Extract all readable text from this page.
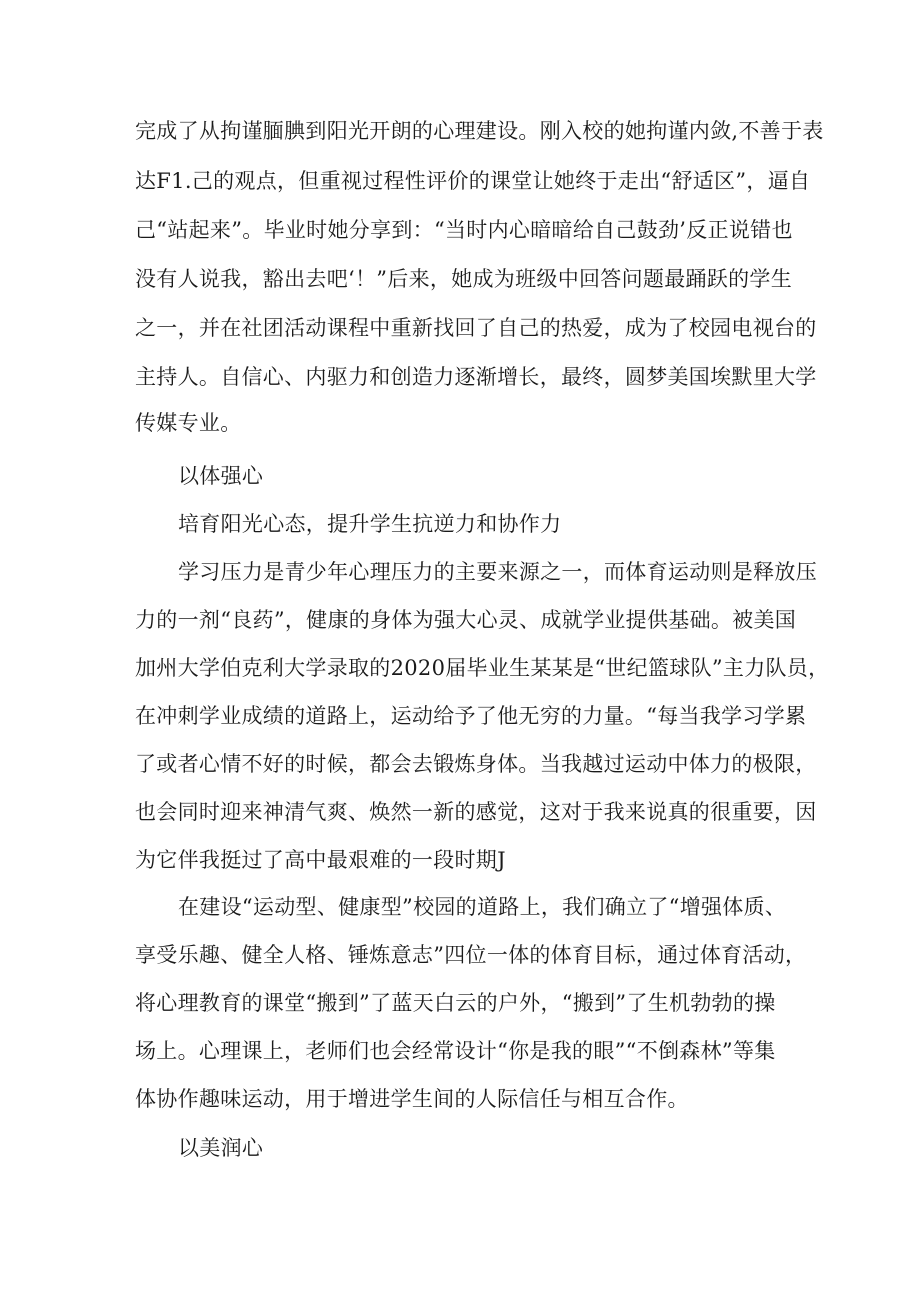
完成了从拘谨腼腆到阳光开朗的心理建设。刚入校的她拘谨内敛,不善于表

达F1.己的观点，但重视过程性评价的课堂让她终于走出“舒适区”，逼自

己“站起来”。毕业时她分享到：“当时内心暗暗给自己鼓劲’反正说错也

没有人说我，豁出去吧‘！”后来，她成为班级中回答问题最踊跃的学生

之一，并在社团活动课程中重新找回了自己的热爱，成为了校园电视台的

主持人。自信心、内驱力和创造力逐渐增长，最终，圆梦美国埃默里大学

传媒专业。

以体强心

培育阳光心态，提升学生抗逆力和协作力

学习压力是青少年心理压力的主要来源之一，而体育运动则是释放压

力的一剂“良药”，健康的身体为强大心灵、成就学业提供基础。被美国

加州大学伯克利大学录取的2020届毕业生某某是“世纪篮球队”主力队员，

在冲刺学业成绩的道路上，运动给予了他无穷的力量。“每当我学习学累

了或者心情不好的时候，都会去锻炼身体。当我越过运动中体力的极限，

也会同时迎来神清气爽、焕然一新的感觉，这对于我来说真的很重要，因

为它伴我挺过了高中最艰难的一段时期J

在建设“运动型、健康型”校园的道路上，我们确立了“增强体质、

享受乐趣、健全人格、锤炼意志”四位一体的体育目标，通过体育活动，

将心理教育的课堂“搬到”了蓝天白云的户外，“搬到”了生机勃勃的操

场上。心理课上，老师们也会经常设计“你是我的眼”“不倒森林”等集

体协作趣味运动，用于增进学生间的人际信任与相互合作。

以美润心
